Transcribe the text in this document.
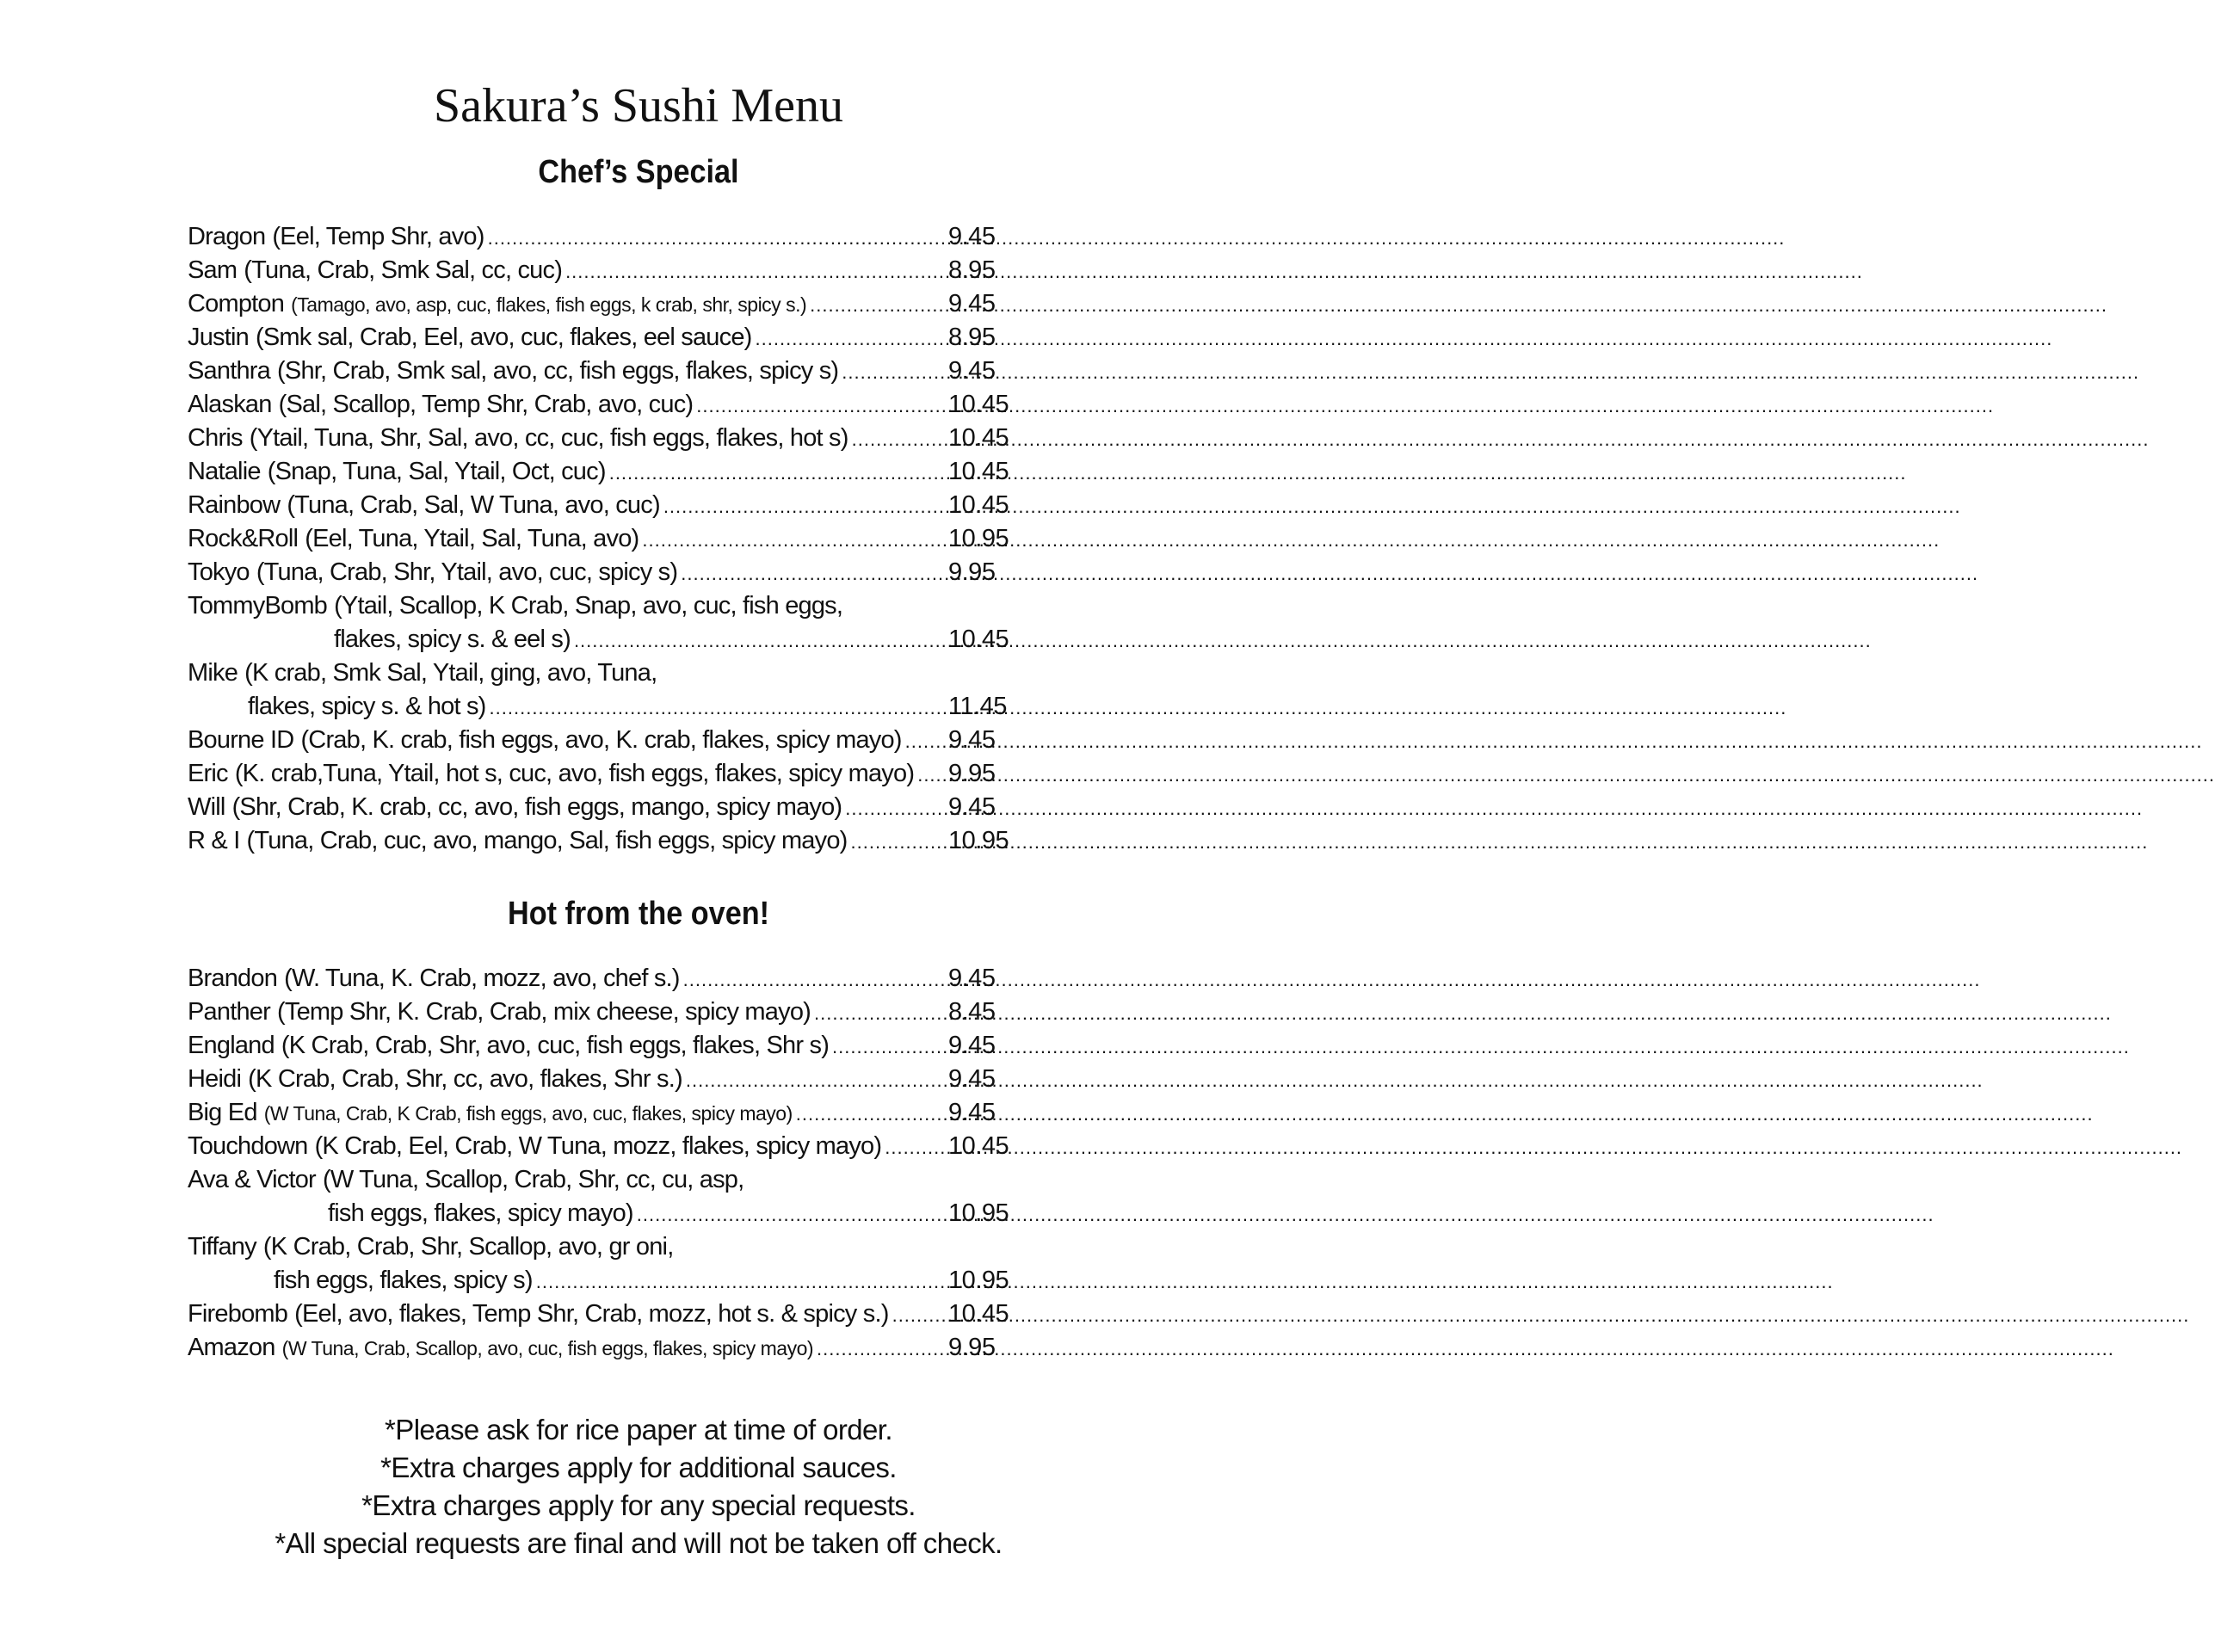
Sakura’s Sushi Menu
Chef’s Special
Dragon (Eel, Temp Shr, avo) .....	9.45
Sam (Tuna, Crab, Smk Sal, cc, cuc) .....	8.95
Compton (Tamago, avo, asp, cuc, flakes, fish eggs, k crab, shr, spicy s.) .....	9.45
Justin (Smk sal, Crab, Eel, avo, cuc, flakes, eel sauce) .....	8.95
Santhra (Shr, Crab, Smk sal, avo, cc, fish eggs, flakes, spicy s) .....	9.45
Alaskan (Sal, Scallop, Temp Shr, Crab, avo, cuc) .....	10.45
Chris (Ytail, Tuna, Shr, Sal, avo, cc, cuc, fish eggs, flakes, hot s) .....	10.45
Natalie (Snap, Tuna, Sal, Ytail, Oct, cuc) .....	10.45
Rainbow (Tuna, Crab, Sal, W Tuna, avo, cuc) .....	10.45
Rock&Roll (Eel, Tuna, Ytail, Sal, Tuna, avo) .....	10.95
Tokyo (Tuna, Crab, Shr, Ytail, avo, cuc, spicy s) .....	9.95
TommyBomb (Ytail, Scallop, K Crab, Snap, avo, cuc, fish eggs,
flakes, spicy s. & eel s) .....	10.45
Mike (K crab, Smk Sal, Ytail, ging, avo, Tuna,
flakes, spicy s. & hot s) .....	11.45
Bourne ID (Crab, K. crab, fish eggs, avo, K. crab, flakes, spicy mayo) ..... 9.45
Eric (K. crab,Tuna, Ytail, hot s, cuc, avo, fish eggs, flakes, spicy mayo) ..... 9.95
Will (Shr, Crab, K. crab, cc, avo, fish eggs, mango, spicy mayo) .....	9.45
R & I (Tuna, Crab, cuc, avo, mango, Sal, fish eggs, spicy mayo) .....	10.95
Hot from the oven!
Brandon (W. Tuna, K. Crab, mozz, avo, chef s.) .....	9.45
Panther (Temp Shr, K. Crab, Crab, mix cheese, spicy mayo) .....	8.45
England (K Crab, Crab, Shr, avo, cuc, fish eggs, flakes, Shr s) .....	9.45
Heidi (K Crab, Crab, Shr, cc, avo, flakes, Shr s.) .....	9.45
Big Ed (W Tuna, Crab, K Crab, fish eggs, avo, cuc, flakes, spicy mayo) .....	9.45
Touchdown (K Crab, Eel, Crab, W Tuna, mozz, flakes, spicy mayo) .....	10.45
Ava & Victor (W Tuna, Scallop, Crab, Shr, cc, cu, asp,
fish eggs, flakes, spicy mayo) .....	10.95
Tiffany (K Crab, Crab, Shr, Scallop, avo, gr oni,
fish eggs, flakes, spicy s) .....	10.95
Firebomb (Eel, avo, flakes, Temp Shr, Crab, mozz, hot s. & spicy s.) ..... 10.45
Amazon (W Tuna, Crab, Scallop, avo, cuc, fish eggs, flakes, spicy mayo) .....	9.95
*Please ask for rice paper at time of order.
*Extra charges apply for additional sauces.
*Extra charges apply for any special requests.
*All special requests are final and will not be taken off check.
